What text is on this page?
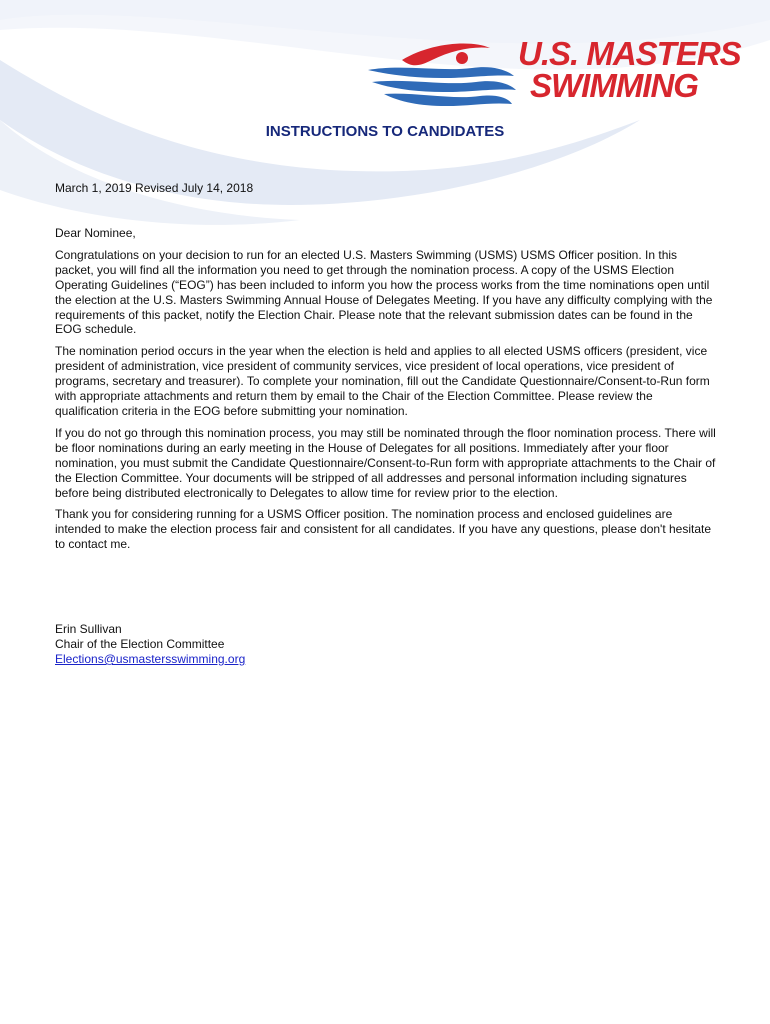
U.S. MASTERS
SWIMMING
INSTRUCTIONS TO CANDIDATES

March 1, 2019 Revised July 14, 2018

Dear Nominee,

Congratulations on your decision to run for an elected U.S. Masters Swimming (USMS) USMS Officer position. In this packet, you will find all the information you need to get through the nomination process. A copy of the USMS Election Operating Guidelines (“EOG”) has been included to inform you how the process works from the time nominations open until the election at the U.S. Masters Swimming Annual House of Delegates Meeting. If you have any difficulty complying with the requirements of this packet, notify the Election Chair. Please note that the relevant submission dates can be found in the EOG schedule.

The nomination period occurs in the year when the election is held and applies to all elected USMS officers (president, vice president of administration, vice president of community services, vice president of local operations, vice president of programs, secretary and treasurer). To complete your nomination, fill out the Candidate Questionnaire/Consent-to-Run form with appropriate attachments and return them by email to the Chair of the Election Committee. Please review the qualification criteria in the EOG before submitting your nomination.

If you do not go through this nomination process, you may still be nominated through the floor nomination process. There will be floor nominations during an early meeting in the House of Delegates for all positions. Immediately after your floor nomination, you must submit the Candidate Questionnaire/Consent-to-Run form with appropriate attachments to the Chair of the Election Committee. Your documents will be stripped of all addresses and personal information including signatures before being distributed electronically to Delegates to allow time for review prior to the election.

Thank you for considering running for a USMS Officer position. The nomination process and enclosed guidelines are intended to make the election process fair and consistent for all candidates. If you have any questions, please don't hesitate to contact me.

Erin Sullivan
Chair of the Election Committee
Elections@usmastersswimming.org
